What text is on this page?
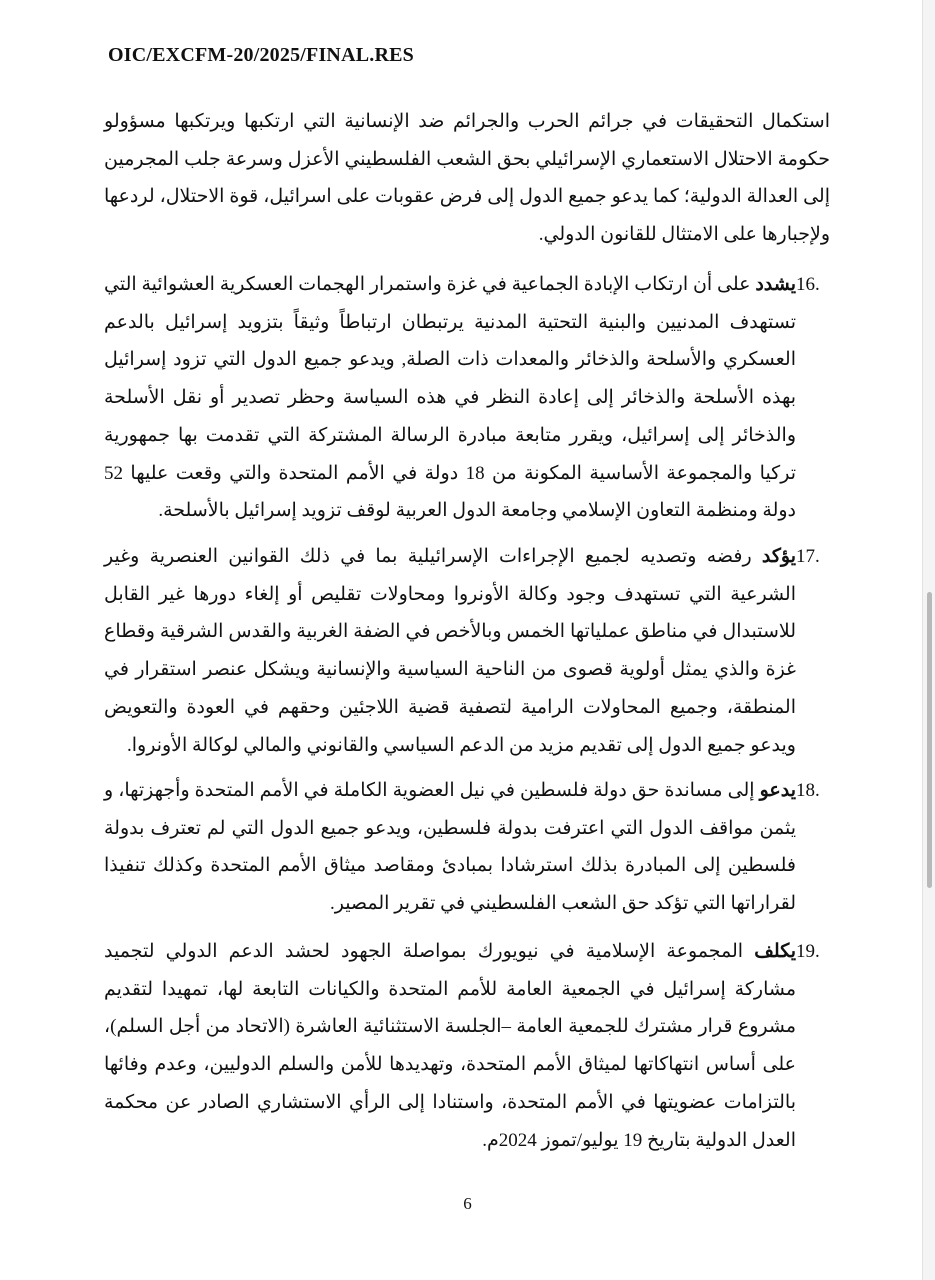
OIC/EXCFM-20/2025/FINAL.RES
استكمال التحقيقات في جرائم الحرب والجرائم ضد الإنسانية التي ارتكبها ويرتكبها مسؤولو حكومة الاحتلال الاستعماري الإسرائيلي بحق الشعب الفلسطيني الأعزل وسرعة جلب المجرمين إلى العدالة الدولية؛ كما يدعو جميع الدول إلى فرض عقوبات على اسرائيل، قوة الاحتلال، لردعها ولإجبارها على الامتثال للقانون الدولي.
16.
يشدد على أن ارتكاب الإبادة الجماعية في غزة واستمرار الهجمات العسكرية العشوائية التي تستهدف المدنيين والبنية التحتية المدنية يرتبطان ارتباطاً وثيقاً بتزويد إسرائيل بالدعم العسكري والأسلحة والذخائر والمعدات ذات الصلة, ويدعو جميع الدول التي تزود إسرائيل بهذه الأسلحة والذخائر إلى إعادة النظر في هذه السياسة وحظر تصدير أو نقل الأسلحة والذخائر إلى إسرائيل، ويقرر متابعة مبادرة الرسالة المشتركة التي تقدمت بها جمهورية تركيا والمجموعة الأساسية المكونة من 18 دولة في الأمم المتحدة والتي وقعت عليها 52 دولة ومنظمة التعاون الإسلامي وجامعة الدول العربية لوقف تزويد إسرائيل بالأسلحة.
17.
يؤكد رفضه وتصديه لجميع الإجراءات الإسرائيلية بما في ذلك القوانين العنصرية وغير الشرعية التي تستهدف وجود وكالة الأونروا ومحاولات تقليص أو إلغاء دورها غير القابل للاستبدال في مناطق عملياتها الخمس وبالأخص في الضفة الغربية والقدس الشرقية وقطاع غزة والذي يمثل أولوية قصوى من الناحية السياسية والإنسانية ويشكل عنصر استقرار في المنطقة، وجميع المحاولات الرامية لتصفية قضية اللاجئين وحقهم في العودة والتعويض ويدعو جميع الدول إلى تقديم مزيد من الدعم السياسي والقانوني والمالي لوكالة الأونروا.
18.
يدعو إلى مساندة حق دولة فلسطين في نيل العضوية الكاملة في الأمم المتحدة وأجهزتها، و يثمن مواقف الدول التي اعترفت بدولة فلسطين، ويدعو جميع الدول التي لم تعترف بدولة فلسطين إلى المبادرة بذلك استرشادا بمبادئ ومقاصد ميثاق الأمم المتحدة وكذلك تنفيذا لقراراتها التي تؤكد حق الشعب الفلسطيني في تقرير المصير.
19.
يكلف المجموعة الإسلامية في نيويورك بمواصلة الجهود لحشد الدعم الدولي لتجميد مشاركة إسرائيل في الجمعية العامة للأمم المتحدة والكيانات التابعة لها، تمهيدا لتقديم مشروع قرار مشترك للجمعية العامة –الجلسة الاستثنائية العاشرة (الاتحاد من أجل السلم)، على أساس انتهاكاتها لميثاق الأمم المتحدة، وتهديدها للأمن والسلم الدوليين، وعدم وفائها بالتزامات عضويتها في الأمم المتحدة، واستنادا إلى الرأي الاستشاري الصادر عن محكمة العدل الدولية بتاريخ 19 يوليو/تموز 2024م.
6
